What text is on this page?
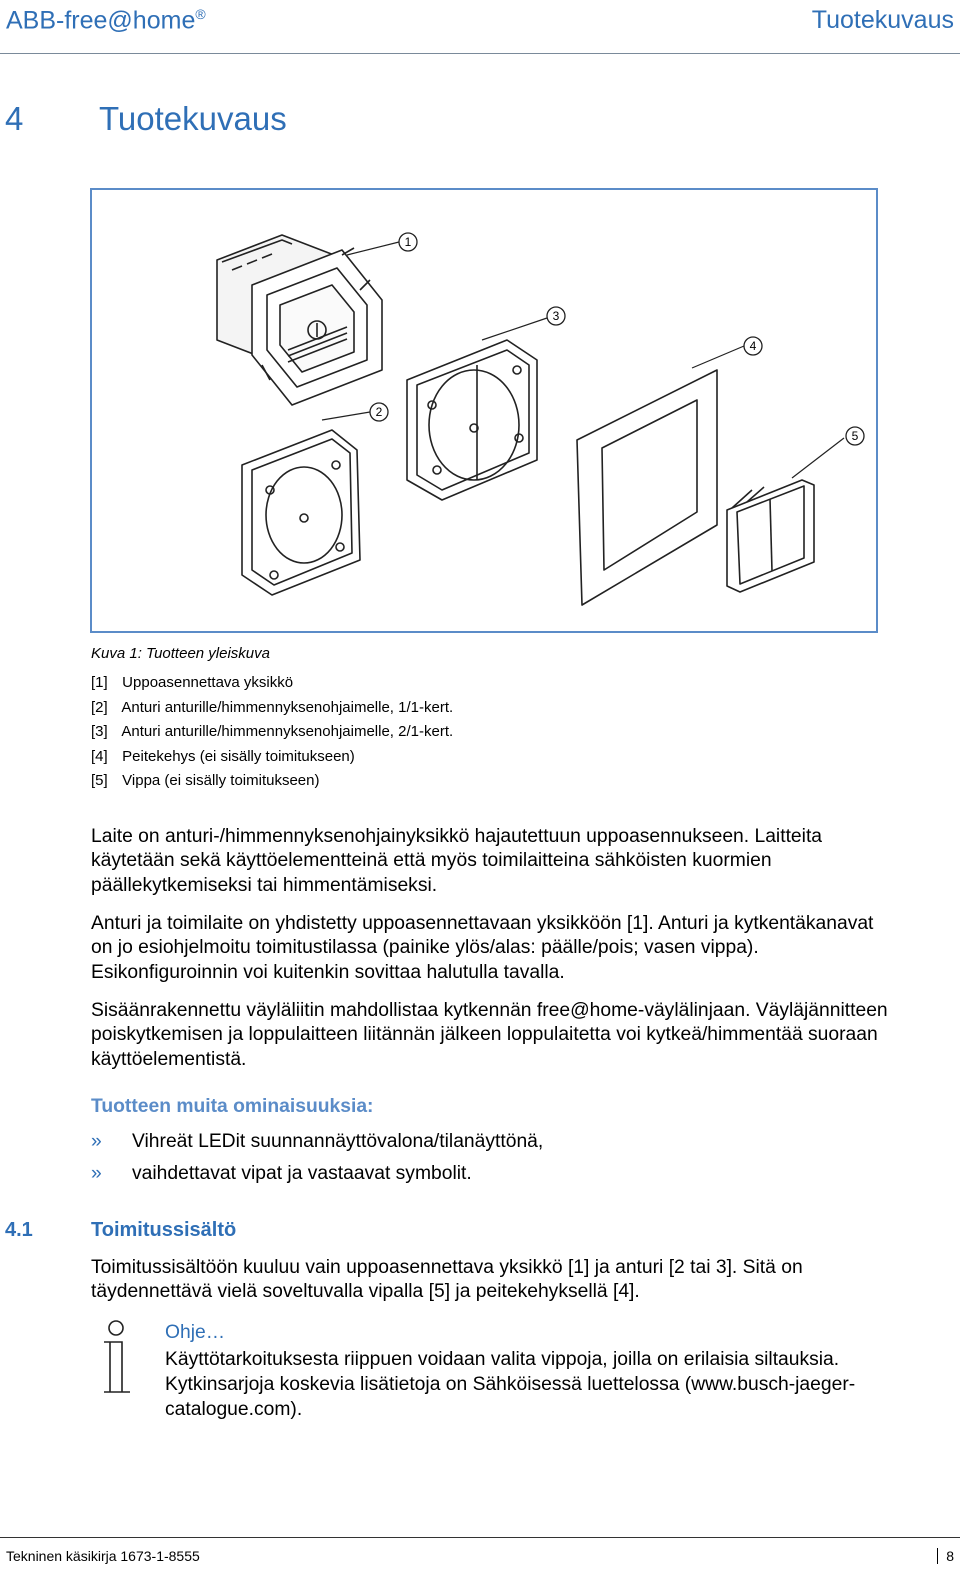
ABB-free@home®	Tuotekuvaus
4 Tuotekuvaus
1
2
3
4
5
Kuva 1: Tuotteen yleiskuva
[1] Uppoasennettava yksikkö
[2] Anturi anturille/himmennyksenohjaimelle, 1/1-kert.
[3] Anturi anturille/himmennyksenohjaimelle, 2/1-kert.
[4] Peitekehys (ei sisälly toimitukseen)
[5] Vippa (ei sisälly toimitukseen)

Laite on anturi-/himmennyksenohjainyksikkö hajautettuun uppoasennukseen. Laitteita käytetään sekä käyttöelementteinä että myös toimilaitteina sähköisten kuormien päällekytkemiseksi tai himmentämiseksi.

Anturi ja toimilaite on yhdistetty uppoasennettavaan yksikköön [1]. Anturi ja kytkentäkanavat on jo esiohjelmoitu toimitustilassa (painike ylös/alas: päälle/pois; vasen vippa). Esikonfiguroinnin voi kuitenkin sovittaa halutulla tavalla.

Sisäänrakennettu väyläliitin mahdollistaa kytkennän free@home-väylälinjaan. Väyläjännitteen poiskytkemisen ja loppulaitteen liitännän jälkeen loppulaitetta voi kytkeä/himmentää suoraan käyttöelementistä.

Tuotteen muita ominaisuuksia:
» Vihreät LEDit suunnannäyttövalona/tilanäyttönä,
» vaihdettavat vipat ja vastaavat symbolit.
4.1	Toimitussisältö

Toimitussisältöön kuuluu vain uppoasennettava yksikkö [1] ja anturi [2 tai 3]. Sitä on täydennettävä vielä soveltuvalla vipalla [5] ja peitekehyksellä [4].

Ohje…
Käyttötarkoituksesta riippuen voidaan valita vippoja, joilla on erilaisia siltauksia. Kytkinsarjoja koskevia lisätietoja on Sähköisessä luettelossa (www.busch-jaeger-catalogue.com).
Tekninen käsikirja 1673-1-8555	8
